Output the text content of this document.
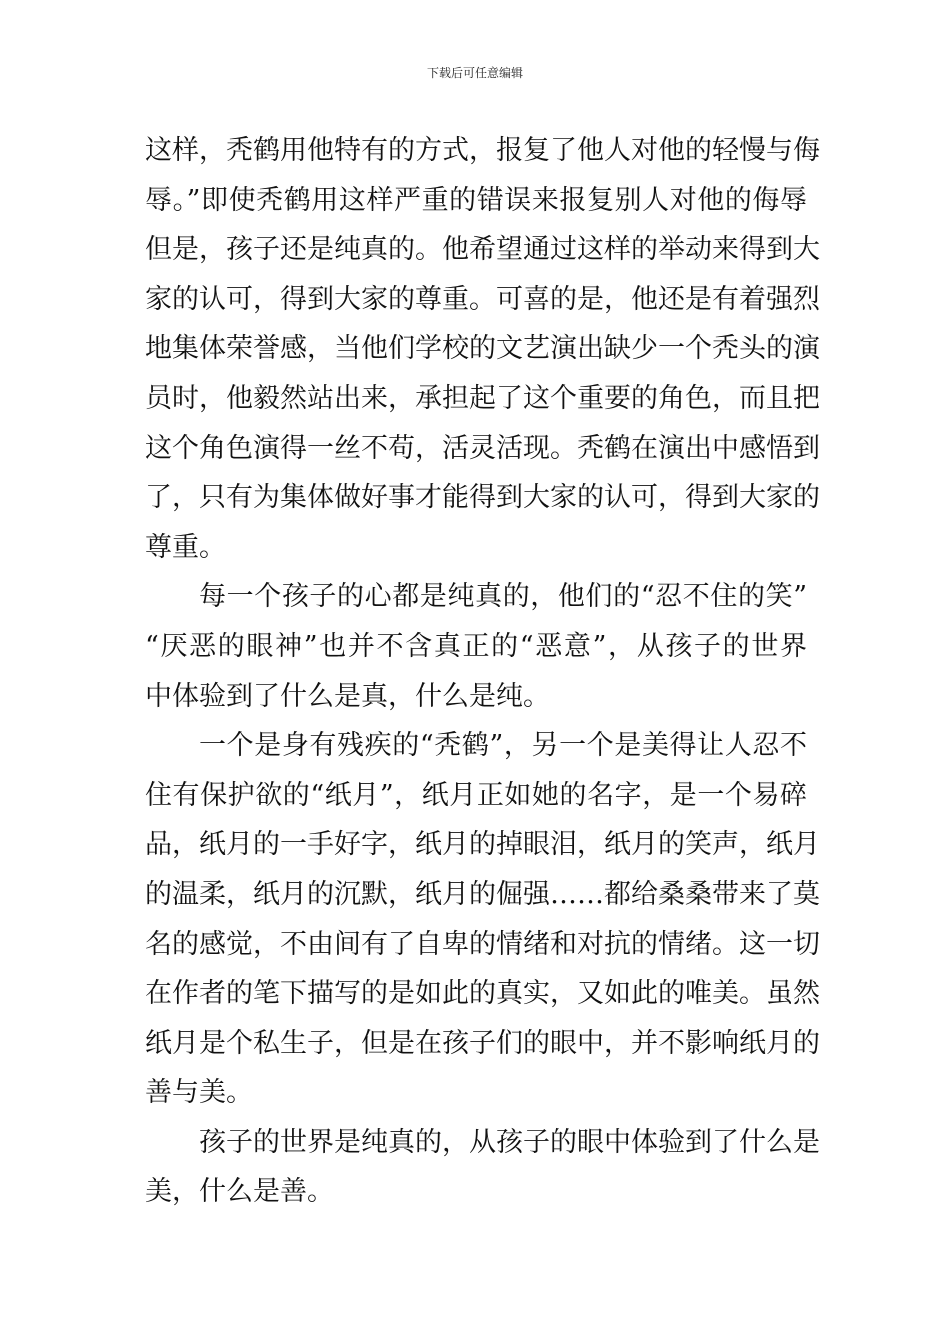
下载后可任意编辑
这样，秃鹤用他特有的方式，报复了他人对他的轻慢与侮
辱。”即使秃鹤用这样严重的错误来报复别人对他的侮辱
但是，孩子还是纯真的。他希望通过这样的举动来得到大
家的认可，得到大家的尊重。可喜的是，他还是有着强烈
地集体荣誉感，当他们学校的文艺演出缺少一个秃头的演
员时，他毅然站出来，承担起了这个重要的角色，而且把
这个角色演得一丝不苟，活灵活现。秃鹤在演出中感悟到
了，只有为集体做好事才能得到大家的认可，得到大家的
尊重。
每一个孩子的心都是纯真的，他们的“忍不住的笑”
“厌恶的眼神”也并不含真正的“恶意”，从孩子的世界
中体验到了什么是真，什么是纯。
一个是身有残疾的“秃鹤”，另一个是美得让人忍不
住有保护欲的“纸月”，纸月正如她的名字，是一个易碎
品，纸月的一手好字，纸月的掉眼泪，纸月的笑声，纸月
的温柔，纸月的沉默，纸月的倔强……都给桑桑带来了莫
名的感觉，不由间有了自卑的情绪和对抗的情绪。这一切
在作者的笔下描写的是如此的真实，又如此的唯美。虽然
纸月是个私生子，但是在孩子们的眼中，并不影响纸月的
善与美。
孩子的世界是纯真的，从孩子的眼中体验到了什么是
美，什么是善。
